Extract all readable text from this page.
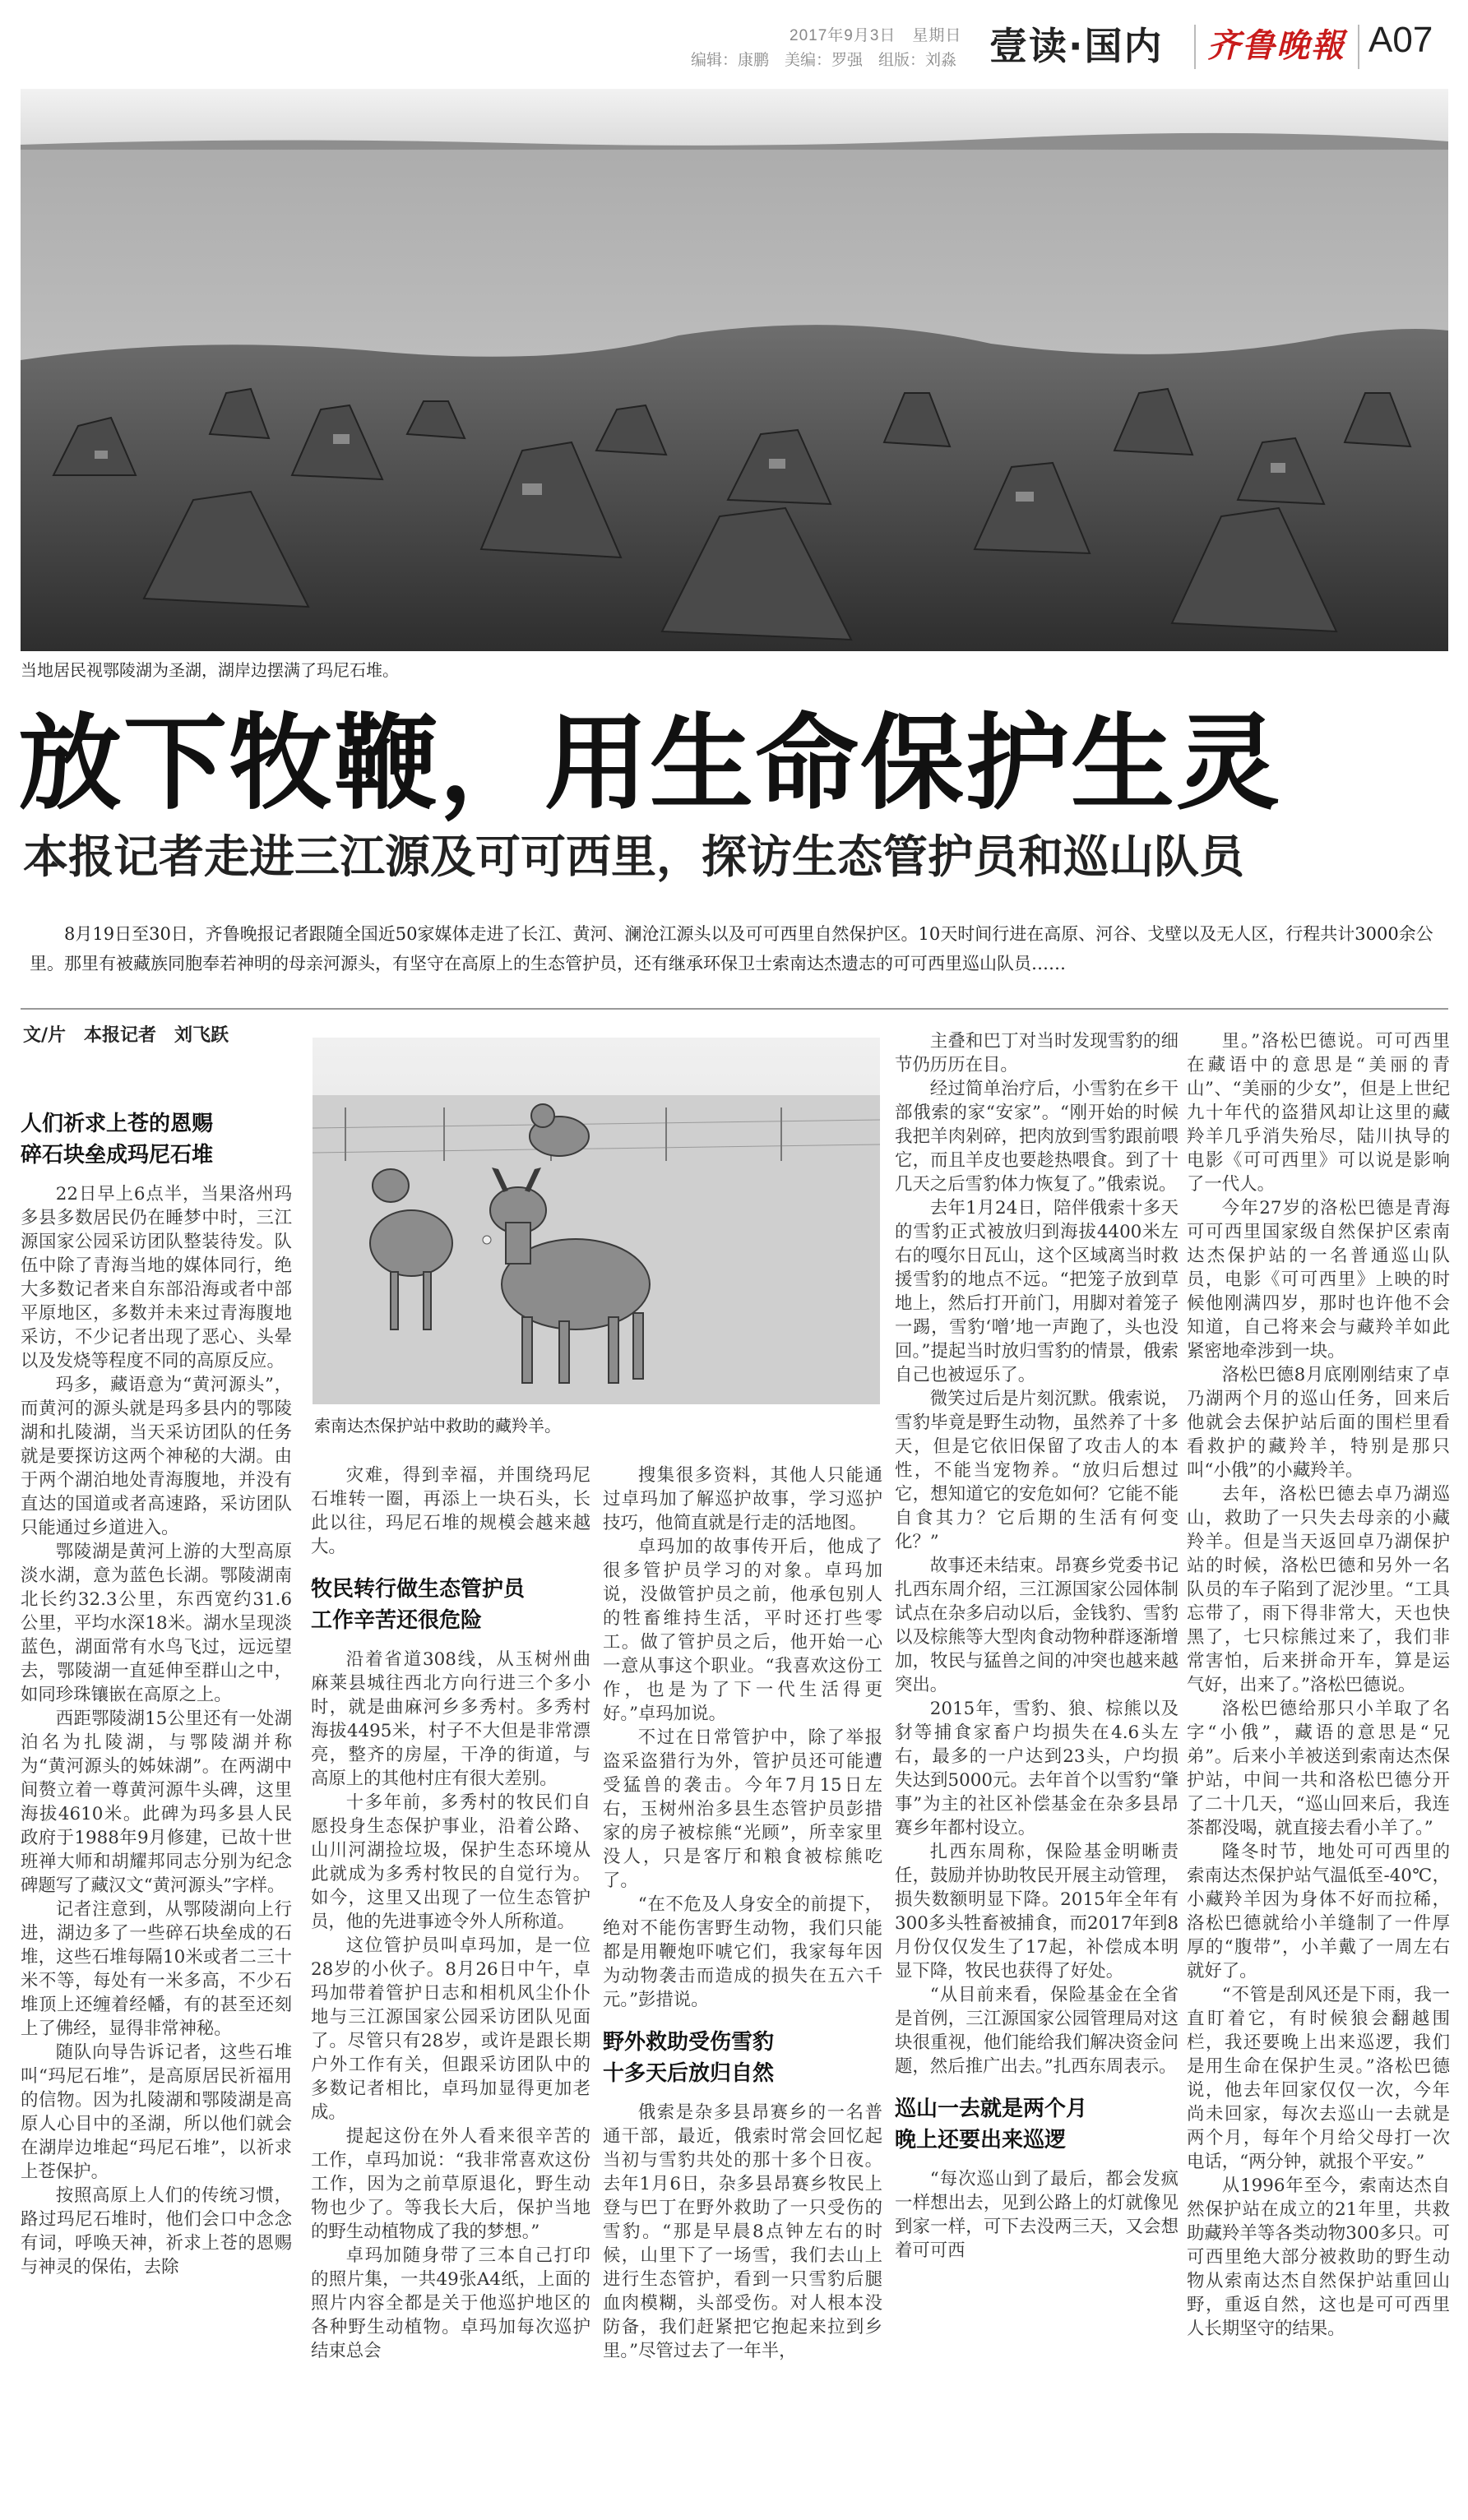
2017年9月3日　星期日
编辑：康鹏　美编：罗强　组版：刘淼 壹读·国内 齐鲁晚報 A07
当地居民视鄂陵湖为圣湖，湖岸边摆满了玛尼石堆。
放下牧鞭，用生命保护生灵
本报记者走进三江源及可可西里，探访生态管护员和巡山队员
8月19日至30日，齐鲁晚报记者跟随全国近50家媒体走进了长江、黄河、澜沧江源头以及可可西里自然保护区。10天时间行进在高原、河谷、戈壁以及无人区，行程共计3000余公里。那里有被藏族同胞奉若神明的母亲河源头，有坚守在高原上的生态管护员，还有继承环保卫士索南达杰遗志的可可西里巡山队员……
文/片　本报记者　刘飞跃
索南达杰保护站中救助的藏羚羊。

人们祈求上苍的恩赐
碎石块垒成玛尼石堆

22日早上6点半，当果洛州玛多县多数居民仍在睡梦中时，三江源国家公园采访团队整装待发。队伍中除了青海当地的媒体同行，绝大多数记者来自东部沿海或者中部平原地区，多数并未来过青海腹地采访，不少记者出现了恶心、头晕以及发烧等程度不同的高原反应。

玛多，藏语意为“黄河源头”，而黄河的源头就是玛多县内的鄂陵湖和扎陵湖，当天采访团队的任务就是要探访这两个神秘的大湖。由于两个湖泊地处青海腹地，并没有直达的国道或者高速路，采访团队只能通过乡道进入。

鄂陵湖是黄河上游的大型高原淡水湖，意为蓝色长湖。鄂陵湖南北长约32.3公里，东西宽约31.6公里，平均水深18米。湖水呈现淡蓝色，湖面常有水鸟飞过，远远望去，鄂陵湖一直延伸至群山之中，如同珍珠镶嵌在高原之上。

西距鄂陵湖15公里还有一处湖泊名为扎陵湖，与鄂陵湖并称为“黄河源头的姊妹湖”。在两湖中间赘立着一尊黄河源牛头碑，这里海拔4610米。此碑为玛多县人民政府于1988年9月修建，已故十世班禅大师和胡耀邦同志分别为纪念碑题写了藏汉文“黄河源头”字样。

记者注意到，从鄂陵湖向上行进，湖边多了一些碎石块垒成的石堆，这些石堆每隔10米或者二三十米不等，每处有一米多高，不少石堆顶上还缠着经幡，有的甚至还刻上了佛经，显得非常神秘。

随队向导告诉记者，这些石堆叫“玛尼石堆”，是高原居民祈福用的信物。因为扎陵湖和鄂陵湖是高原人心目中的圣湖，所以他们就会在湖岸边堆起“玛尼石堆”，以祈求上苍保护。

按照高原上人们的传统习惯，路过玛尼石堆时，他们会口中念念有词，呼唤天神，祈求上苍的恩赐与神灵的保佑，去除

灾难，得到幸福，并围绕玛尼石堆转一圈，再添上一块石头，长此以往，玛尼石堆的规模会越来越大。

牧民转行做生态管护员
工作辛苦还很危险

沿着省道308线，从玉树州曲麻莱县城往西北方向行进三个多小时，就是曲麻河乡多秀村。多秀村海拔4495米，村子不大但是非常漂亮，整齐的房屋，干净的街道，与高原上的其他村庄有很大差别。

十多年前，多秀村的牧民们自愿投身生态保护事业，沿着公路、山川河湖捡垃圾，保护生态环境从此就成为多秀村牧民的自觉行为。如今，这里又出现了一位生态管护员，他的先进事迹令外人所称道。

这位管护员叫卓玛加，是一位28岁的小伙子。8月26日中午，卓玛加带着管护日志和相机风尘仆仆地与三江源国家公园采访团队见面了。尽管只有28岁，或许是跟长期户外工作有关，但跟采访团队中的多数记者相比，卓玛加显得更加老成。

提起这份在外人看来很辛苦的工作，卓玛加说：“我非常喜欢这份工作，因为之前草原退化，野生动物也少了。等我长大后，保护当地的野生动植物成了我的梦想。”

卓玛加随身带了三本自己打印的照片集，一共49张A4纸，上面的照片内容全都是关于他巡护地区的各种野生动植物。卓玛加每次巡护结束总会

搜集很多资料，其他人只能通过卓玛加了解巡护故事，学习巡护技巧，他简直就是行走的活地图。

卓玛加的故事传开后，他成了很多管护员学习的对象。卓玛加说，没做管护员之前，他承包别人的牲畜维持生活，平时还打些零工。做了管护员之后，他开始一心一意从事这个职业。“我喜欢这份工作，也是为了下一代生活得更好。”卓玛加说。

不过在日常管护中，除了举报盗采盗猎行为外，管护员还可能遭受猛兽的袭击。今年7月15日左右，玉树州治多县生态管护员彭措家的房子被棕熊“光顾”，所幸家里没人，只是客厅和粮食被棕熊吃了。

“在不危及人身安全的前提下，绝对不能伤害野生动物，我们只能都是用鞭炮吓唬它们，我家每年因为动物袭击而造成的损失在五六千元。”彭措说。

野外救助受伤雪豹
十多天后放归自然

俄索是杂多县昂赛乡的一名普通干部，最近，俄索时常会回忆起当初与雪豹共处的那十多个日夜。去年1月6日，杂多县昂赛乡牧民上登与巴丁在野外救助了一只受伤的雪豹。“那是早晨8点钟左右的时候，山里下了一场雪，我们去山上进行生态管护，看到一只雪豹后腿血肉模糊，头部受伤。对人根本没防备，我们赶紧把它抱起来拉到乡里。”尽管过去了一年半，

主叠和巴丁对当时发现雪豹的细节仍历历在目。

经过简单治疗后，小雪豹在乡干部俄索的家“安家”。“刚开始的时候我把羊肉剁碎，把肉放到雪豹跟前喂它，而且羊皮也要趁热喂食。到了十几天之后雪豹体力恢复了。”俄索说。

去年1月24日，陪伴俄索十多天的雪豹正式被放归到海拔4400米左右的嘎尔日瓦山，这个区域离当时救援雪豹的地点不远。“把笼子放到草地上，然后打开前门，用脚对着笼子一踢，雪豹‘噌’地一声跑了，头也没回。”提起当时放归雪豹的情景，俄索自己也被逗乐了。

微笑过后是片刻沉默。俄索说，雪豹毕竟是野生动物，虽然养了十多天，但是它依旧保留了攻击人的本性，不能当宠物养。“放归后想过它，想知道它的安危如何？它能不能自食其力？它后期的生活有何变化？”

故事还未结束。昂赛乡党委书记扎西东周介绍，三江源国家公园体制试点在杂多启动以后，金钱豹、雪豹以及棕熊等大型肉食动物种群逐渐增加，牧民与猛兽之间的冲突也越来越突出。

2015年，雪豹、狼、棕熊以及豺等捕食家畜户均损失在4.6头左右，最多的一户达到23头，户均损失达到5000元。去年首个以雪豹“肇事”为主的社区补偿基金在杂多县昂赛乡年都村设立。

扎西东周称，保险基金明晰责任，鼓励并协助牧民开展主动管理，损失数额明显下降。2015年全年有300多头牲畜被捕食，而2017年到8月份仅仅发生了17起，补偿成本明显下降，牧民也获得了好处。

“从目前来看，保险基金在全省是首例，三江源国家公园管理局对这块很重视，他们能给我们解决资金问题，然后推广出去。”扎西东周表示。

巡山一去就是两个月
晚上还要出来巡逻

“每次巡山到了最后，都会发疯一样想出去，见到公路上的灯就像见到家一样，可下去没两三天，又会想着可可西

里。”洛松巴德说。可可西里在藏语中的意思是“美丽的青山”、“美丽的少女”，但是上世纪九十年代的盗猎风却让这里的藏羚羊几乎消失殆尽，陆川执导的电影《可可西里》可以说是影响了一代人。

今年27岁的洛松巴德是青海可可西里国家级自然保护区索南达杰保护站的一名普通巡山队员，电影《可可西里》上映的时候他刚满四岁，那时也许他不会知道，自己将来会与藏羚羊如此紧密地牵涉到一块。

洛松巴德8月底刚刚结束了卓乃湖两个月的巡山任务，回来后他就会去保护站后面的围栏里看看救护的藏羚羊，特别是那只叫“小俄”的小藏羚羊。

去年，洛松巴德去卓乃湖巡山，救助了一只失去母亲的小藏羚羊。但是当天返回卓乃湖保护站的时候，洛松巴德和另外一名队员的车子陷到了泥沙里。“工具忘带了，雨下得非常大，天也快黑了，七只棕熊过来了，我们非常害怕，后来拼命开车，算是运气好，出来了。”洛松巴德说。

洛松巴德给那只小羊取了名字“小俄”，藏语的意思是“兄弟”。后来小羊被送到索南达杰保护站，中间一共和洛松巴德分开了二十几天，“巡山回来后，我连茶都没喝，就直接去看小羊了。”

隆冬时节，地处可可西里的索南达杰保护站气温低至-40℃，小藏羚羊因为身体不好而拉稀，洛松巴德就给小羊缝制了一件厚厚的“腹带”，小羊戴了一周左右就好了。

“不管是刮风还是下雨，我一直盯着它，有时候狼会翻越围栏，我还要晚上出来巡逻，我们是用生命在保护生灵。”洛松巴德说，他去年回家仅仅一次，今年尚未回家，每次去巡山一去就是两个月，每年个月给父母打一次电话，“两分钟，就报个平安。”

从1996年至今，索南达杰自然保护站在成立的21年里，共救助藏羚羊等各类动物300多只。可可西里绝大部分被救助的野生动物从索南达杰自然保护站重回山野，重返自然，这也是可可西里人长期坚守的结果。
